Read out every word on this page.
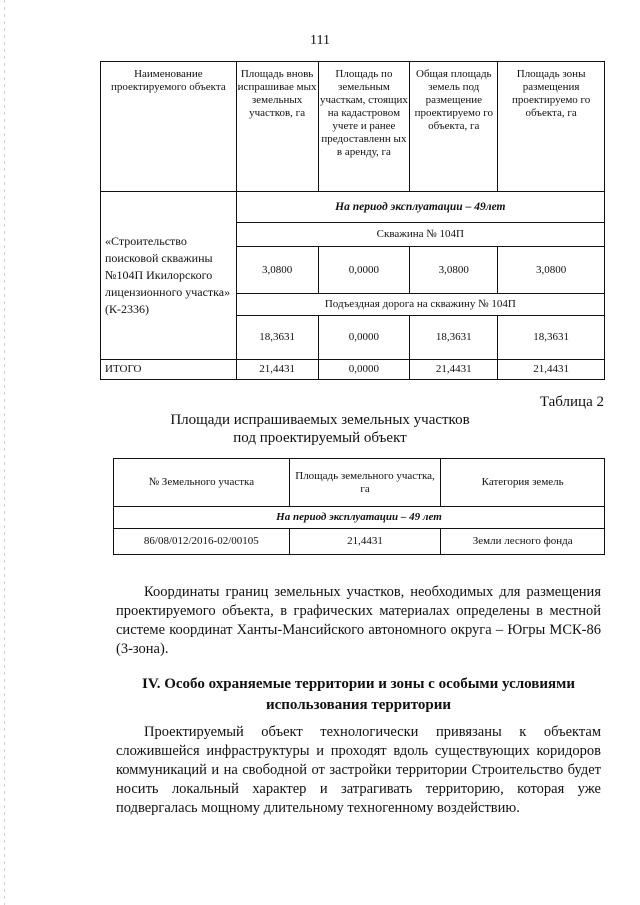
111
Наименование проектируемого объекта	Площадь вновь испрашивае мых земельных участков, га	Площадь по земельным участкам, стоящих на кадастровом учете и ранее предоставленн ых в аренду, га	Общая площадь земель под размещение проектируемо го объекта, га	Площадь зоны размещения проектируемо го объекта, га
«Строительство поисковой скважины №104П Икилорского лицензионного участка» (К-2336)	На период эксплуатации – 49лет			
	Скважина № 104П			
	3,0800	0,0000	3,0800	3,0800
	Подъездная дорога на скважину № 104П			
	18,3631	0,0000	18,3631	18,3631
ИТОГО	21,4431	0,0000	21,4431	21,4431
Таблица 2
Площади испрашиваемых земельных участков
под проектируемый объект
№ Земельного участка	Площадь земельного участка, га	Категория земель
На период эксплуатации – 49 лет		
86/08/012/2016-02/00105	21,4431	Земли лесного фонда
Координаты границ земельных участков, необходимых для размещения проектируемого объекта, в графических материалах определены в местной системе координат Ханты-Мансийского автономного округа – Югры МСК-86 (3-зона).
IV. Особо охраняемые территории и зоны с особыми условиями
использования территории
Проектируемый объект технологически привязаны к объектам сложившейся инфраструктуры и проходят вдоль существующих коридоров коммуникаций и на свободной от застройки территории Строительство будет носить локальный характер и затрагивать территорию, которая уже подвергалась мощному длительному техногенному воздействию.
